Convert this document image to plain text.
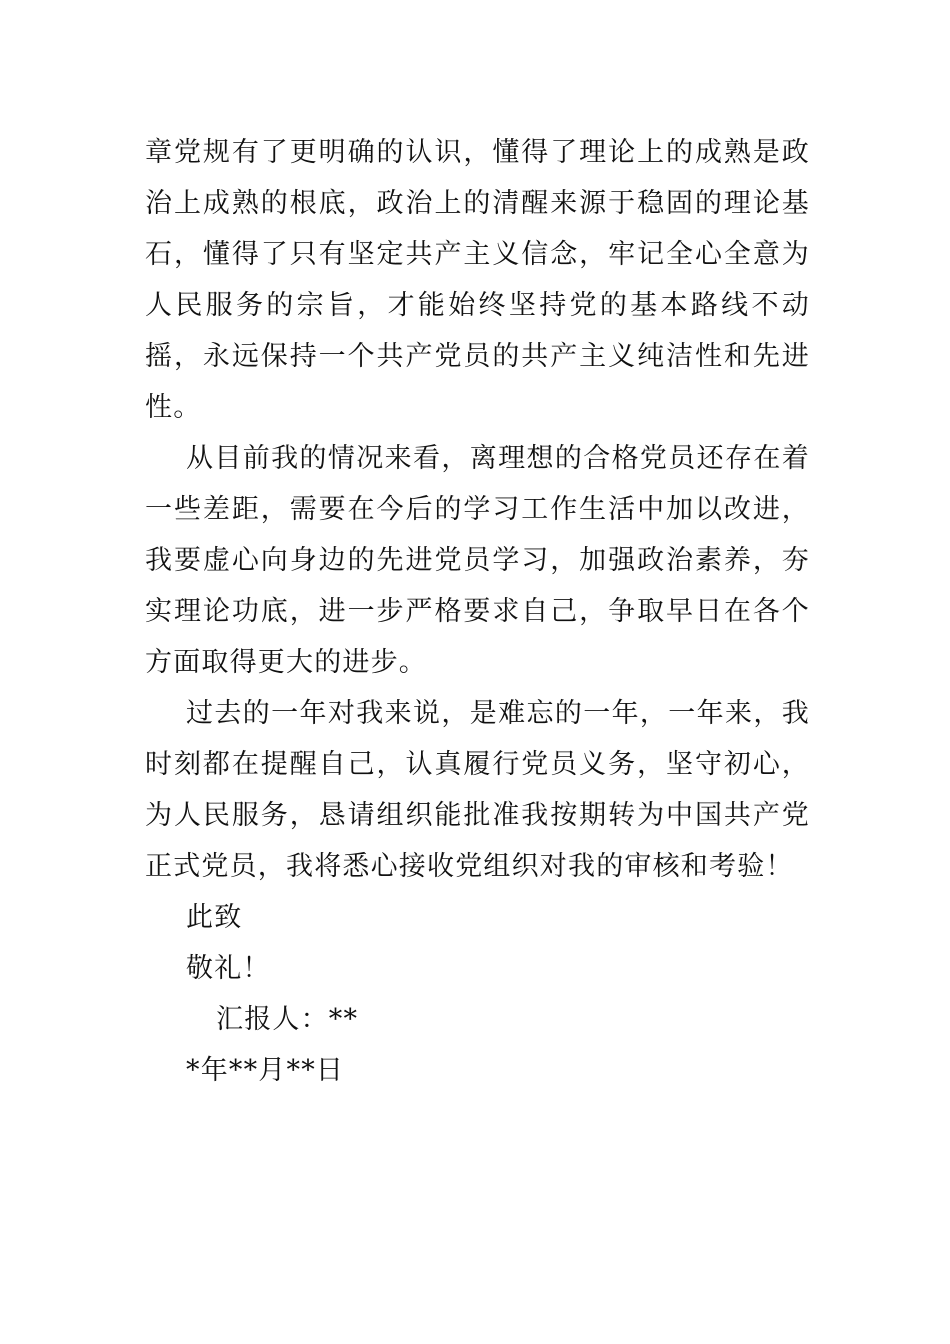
章党规有了更明确的认识，懂得了理论上的成熟是政治上成熟的根底，政治上的清醒来源于稳固的理论基石，懂得了只有坚定共产主义信念，牢记全心全意为人民服务的宗旨，才能始终坚持党的基本路线不动摇，永远保持一个共产党员的共产主义纯洁性和先进性。

从目前我的情况来看，离理想的合格党员还存在着一些差距，需要在今后的学习工作生活中加以改进，我要虚心向身边的先进党员学习，加强政治素养，夯实理论功底，进一步严格要求自己，争取早日在各个方面取得更大的进步。

过去的一年对我来说，是难忘的一年，一年来，我时刻都在提醒自己，认真履行党员义务，坚守初心，为人民服务，恳请组织能批准我按期转为中国共产党正式党员，我将悉心接收党组织对我的审核和考验！

此致

敬礼！

汇报人：**

*年**月**日
